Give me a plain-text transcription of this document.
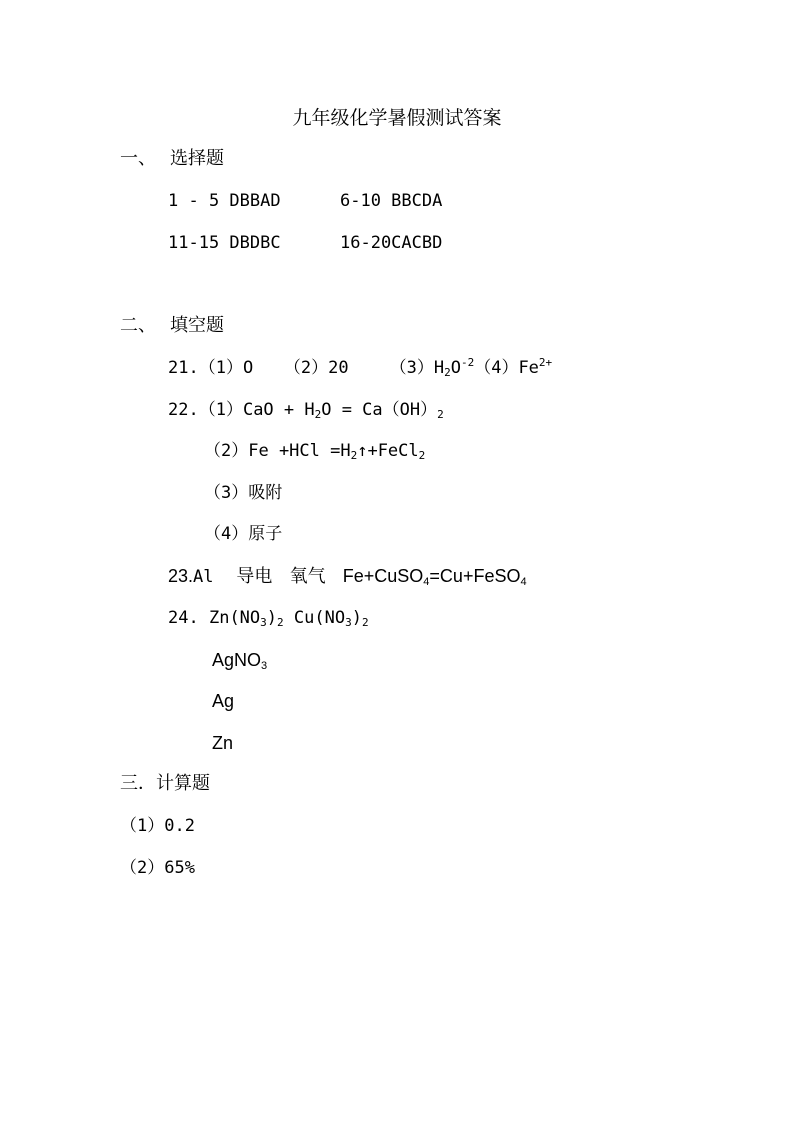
九年级化学暑假测试答案
一、 选择题
1 - 5 DBBAD	6-10 BBCDA
11-15 DBDBC	16-20CACBD
二、 填空题
21.（1）O （2）20 $(3)H_2O^{-2}(4)Fe^{2+}$
$22.(1)CaO + H_2O = Ca(OH)_2$
$(2)Fe +HCl =H_2↑+FeCl_2$
（3）吸附
（4）原子
23.Al 导电 氧气 Fe+CuSO$_4$=Cu+FeSO$_4$
24. $Zn(NO_3)_2$ $Cu(NO_3)_2$
AgNO$_3$
Ag
Zn
三．计算题
（1）0.2
（2）65%
